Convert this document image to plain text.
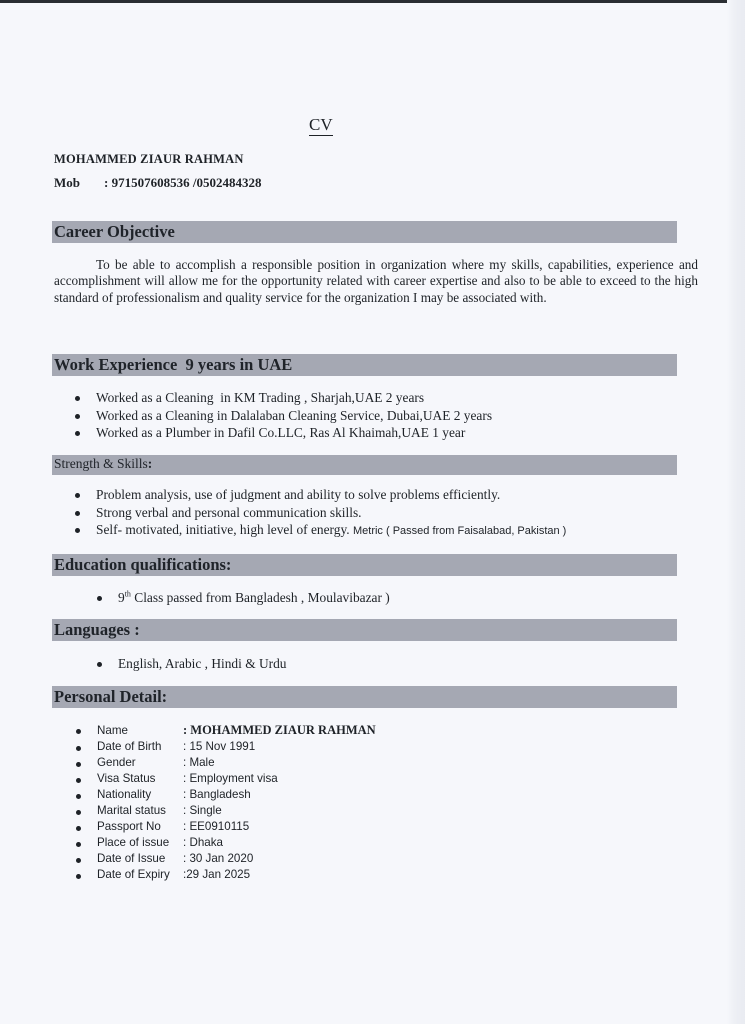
CV
MOHAMMED ZIAUR RAHMAN
Mob : 971507608536 /0502484328
Career Objective
To be able to accomplish a responsible position in organization where my skills, capabilities, experience and accomplishment will allow me for the opportunity related with career expertise and also to be able to exceed to the high standard of professionalism and quality service for the organization I may be associated with.
Work Experience  9 years in UAE
Worked as a Cleaning  in KM Trading , Sharjah,UAE 2 years
Worked as a Cleaning in Dalalaban Cleaning Service, Dubai,UAE 2 years
Worked as a Plumber in Dafil Co.LLC, Ras Al Khaimah,UAE 1 year
Strength & Skills:
Problem analysis, use of judgment and ability to solve problems efficiently.
Strong verbal and personal communication skills.
Self- motivated, initiative, high level of energy. Metric ( Passed from Faisalabad, Pakistan )
Education qualifications:
9th Class passed from Bangladesh , Moulavibazar )
Languages :
English, Arabic , Hindi & Urdu
Personal Detail:
Name	: MOHAMMED ZIAUR RAHMAN
Date of Birth : 15 Nov 1991
Gender	: Male
Visa Status : Employment visa
Nationality	: Bangladesh
Marital status : Single
Passport No : EE0910115
Place of issue : Dhaka
Date of Issue : 30 Jan 2020
Date of Expiry :29 Jan 2025
